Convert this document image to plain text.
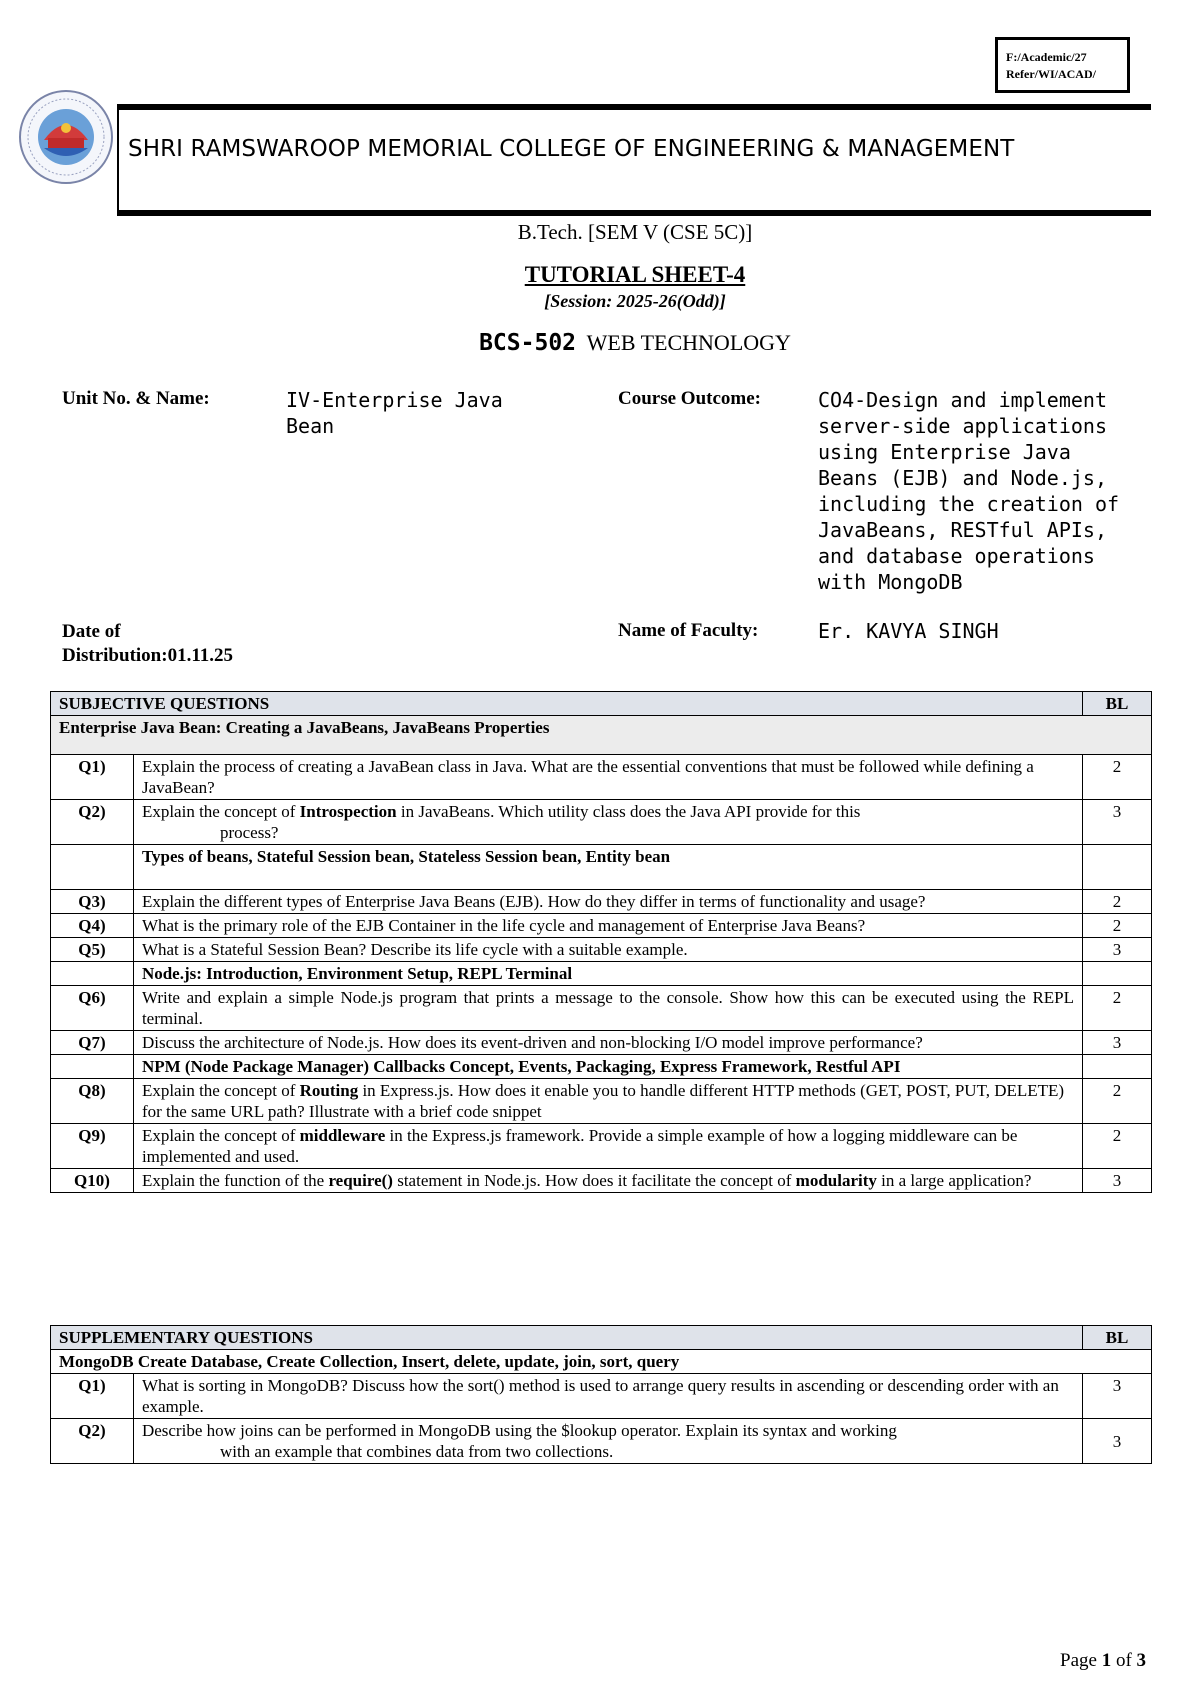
F:/Academic/27
Refer/WI/ACAD/
SHRI RAMSWAROOP MEMORIAL COLLEGE OF ENGINEERING & MANAGEMENT
B.Tech. [SEM V (CSE 5C)]
TUTORIAL SHEET-4
[Session: 2025-26(Odd)]
BCS-502 WEB TECHNOLOGY
Unit No. & Name:	IV-Enterprise Java Bean
Course Outcome:	CO4-Design and implement server-side applications using Enterprise Java Beans (EJB) and Node.js, including the creation of JavaBeans, RESTful APIs, and database operations with MongoDB
Date of Distribution:01.11.25
Name of Faculty:	Er. KAVYA SINGH
SUBJECTIVE QUESTIONS		BL
Enterprise Java Bean: Creating a JavaBeans, JavaBeans Properties		
Q1)	Explain the process of creating a JavaBean class in Java. What are the essential conventions that must be followed while defining a JavaBean?	2
Q2)	Explain the concept of Introspection in JavaBeans. Which utility class does the Java API provide for this
process?	3
	Types of beans, Stateful Session bean, Stateless Session bean, Entity bean	
Q3)	Explain the different types of Enterprise Java Beans (EJB). How do they differ in terms of functionality and usage?	2
Q4)	What is the primary role of the EJB Container in the life cycle and management of Enterprise Java Beans?	2
Q5)	What is a Stateful Session Bean? Describe its life cycle with a suitable example.	3
	Node.js: Introduction, Environment Setup, REPL Terminal	
Q6)	Write and explain a simple Node.js program that prints a message to the console. Show how this can be executed using the REPL terminal.	2
Q7)	Discuss the architecture of Node.js. How does its event-driven and non-blocking I/O model improve performance?	3
	NPM (Node Package Manager) Callbacks Concept, Events, Packaging, Express Framework, Restful API	
Q8)	Explain the concept of Routing in Express.js. How does it enable you to handle different HTTP methods (GET, POST, PUT, DELETE) for the same URL path? Illustrate with a brief code snippet	2
Q9)	Explain the concept of middleware in the Express.js framework. Provide a simple example of how a logging middleware can be implemented and used.	2
Q10)	Explain the function of the require() statement in Node.js. How does it facilitate the concept of modularity in a large application?	3
SUPPLEMENTARY QUESTIONS		BL
MongoDB Create Database, Create Collection, Insert, delete, update, join, sort, query		
Q1)	What is sorting in MongoDB? Discuss how the sort() method is used to arrange query results in ascending or descending order with an example.	3
Q2)	Describe how joins can be performed in MongoDB using the $lookup operator. Explain its syntax and working
with an example that combines data from two collections.	3
Page 1 of 3
